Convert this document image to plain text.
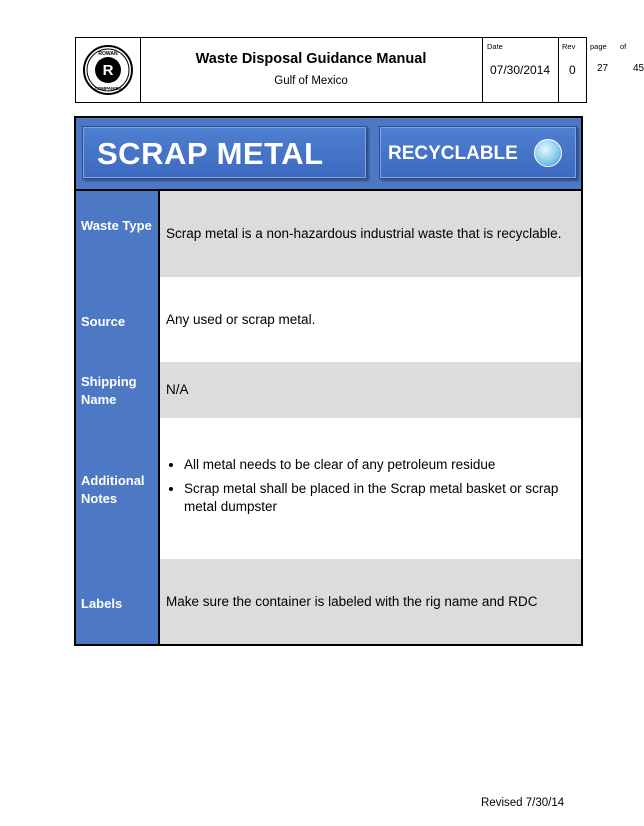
R
ROWAN
COMPANIES
Waste Disposal Guidance Manual
Gulf of Mexico
Date
07/30/2014
Rev
0
page of
27 45
SCRAP METAL	RECYCLABLE
Waste Type
Source
Shipping Name
Additional Notes
Labels
Scrap metal is a non-hazardous industrial waste that is recyclable.
Any used or scrap metal.
N/A
• All metal needs to be clear of any petroleum residue
• Scrap metal shall be placed in the Scrap metal basket or scrap metal dumpster
Make sure the container is labeled with the rig name and RDC
Revised 7/30/14
